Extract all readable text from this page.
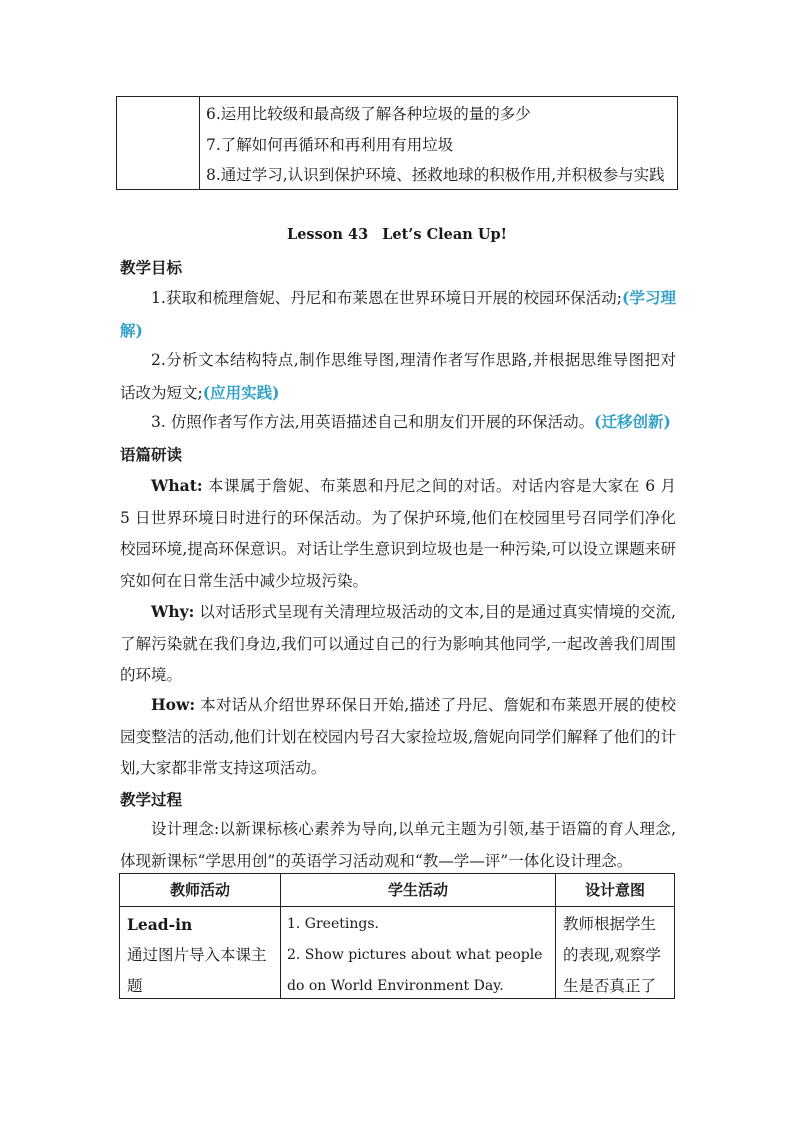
6.运用比较级和最高级了解各种垃圾的量的多少
7.了解如何再循环和再利用有用垃圾
8.通过学习,认识到保护环境、拯救地球的积极作用,并积极参与实践
Lesson 43 Let’s Clean Up!
教学目标
1.获取和梳理詹妮、丹尼和布莱恩在世界环境日开展的校园环保活动;(学习理解)
2.分析文本结构特点,制作思维导图,理清作者写作思路,并根据思维导图把对话改为短文;(应用实践)
3. 仿照作者写作方法,用英语描述自己和朋友们开展的环保活动。(迁移创新)
语篇研读
What: 本课属于詹妮、布莱恩和丹尼之间的对话。对话内容是大家在 6 月 5 日世界环境日时进行的环保活动。为了保护环境,他们在校园里号召同学们净化校园环境,提高环保意识。对话让学生意识到垃圾也是一种污染,可以设立课题来研究如何在日常生活中减少垃圾污染。
Why: 以对话形式呈现有关清理垃圾活动的文本,目的是通过真实情境的交流,了解污染就在我们身边,我们可以通过自己的行为影响其他同学,一起改善我们周围的环境。
How: 本对话从介绍世界环保日开始,描述了丹尼、詹妮和布莱恩开展的使校园变整洁的活动,他们计划在校园内号召大家捡垃圾,詹妮向同学们解释了他们的计划,大家都非常支持这项活动。
教学过程
设计理念:以新课标核心素养为导向,以单元主题为引领,基于语篇的育人理念,体现新课标“学思用创”的英语学习活动观和“教—学—评”一体化设计理念。
教师活动	学生活动	设计意图
Lead-in
通过图片导入本课主题
1. Greetings.
2. Show pictures about what people do on World Environment Day.
教师根据学生的表现,观察学生是否真正了
